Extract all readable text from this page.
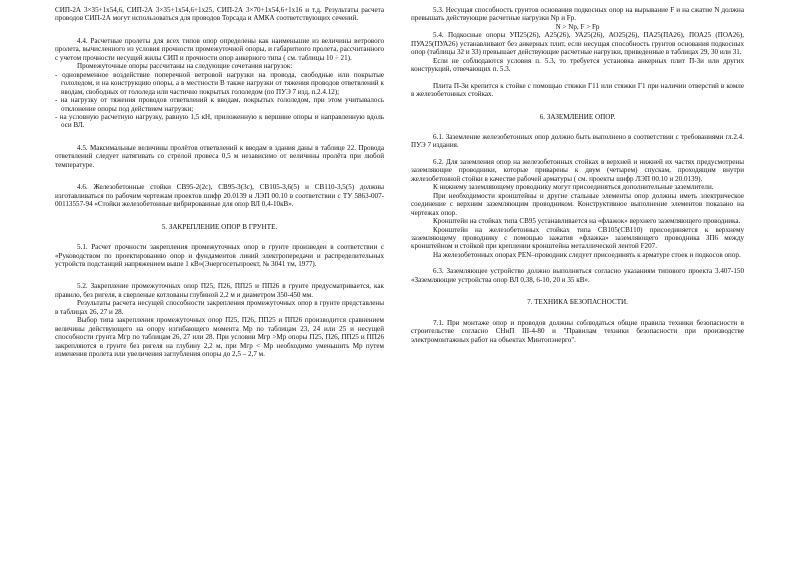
СИП-2А 3×35+1х54,6, СИП-2А 3×35+1х54,6+1х25, СИП-2А 3×70+1х54,6+1х16 и т.д. Результаты расчета проводов СИП-2А могут использоваться для проводов Торсада и АМКА соответствующих сечений.

4.4. Расчетные пролеты для всех типов опор определены как наименьшие из величины ветрового пролета, вычисленного из условия прочности промежуточной опоры, и габаритного пролета, рассчитанного с учетом прочности несущей жилы СИП и прочности опор анкерного типа ( см. таблицы 10 ÷ 21).

Промежуточные опоры рассчитаны на следующие сочетания нагрузок:

- одновременное воздействие поперечной ветровой нагрузки на провода, свободные или покрытые гололедом, и на конструкцию опоры, а в местности В также нагрузки от тяжения проводов ответвлений к вводам, свободных от гололеда или частично покрытых гололедом (по ПУЭ 7 изд, п.2.4.12);

- на нагрузку от тяжения проводов ответвлений к вводам, покрытых гололедом, при этом учитывалось отклонение опоры под действием нагрузки;

- на условную расчетную нагрузку, равную 1,5 кН, приложенную к вершине опоры и направленную вдоль оси ВЛ.

4.5. Максимальные величины пролётов ответвлений к вводам в здания даны в таблице 22. Провода ответвлений следует натягивать со стрелой провеса 0,5 м независимо от величины пролёта при любой температуре.

4.6. Железобетонные стойки СВ95-2(2с), СВ95-3(3с), СВ105-3,6(5) и СВ110-3,5(5) должны изготавливаться по рабочим чертежам проектов шифр 20.0139 и ЛЭП 00.10 в соответствии с ТУ 5863-007-00113557-94 «Стойки железобетонные вибрированные для опор ВЛ 0,4-10кВ».

5. ЗАКРЕПЛЕНИЕ ОПОР В ГРУНТЕ.

5.1. Расчет прочности закрепления промежуточных опор в грунте произведен в соответствии с «Руководством по проектированию опор и фундаментов линий электропередачи и распределительных устройств подстанций напряжением выше 1 кВ»(Энергосетьпроект, № 3041 тм, 1977).

5.2. Закрепление промежуточных опор П25, П26, ПП25 и ПП26 в грунте предусматривается, как правило, без ригеля, в сверленые котлованы глубиной 2,2 м и диаметром 350-450 мм.

Результаты расчета несущей способности закрепления промежуточных опор в грунте представлены в таблицах 26, 27 и 28.

Выбор типа закрепления промежуточных опор П25, П26, ПП25 и ПП26 производится сравнением величины действующего на опору изгибающего момента Мр по таблицам 23, 24 или 25 и несущей способности грунта Мгр по таблицам 26, 27 или 28. При условии Мгр >Мр опоры П25, П26, ПП25 и ПП26 закрепляются в грунте без ригеля на глубину 2,2 м, при Мгр < Мр необходимо уменьшить Мр путем изменения пролета или увеличения заглубления опоры до 2,5 – 2,7 м.

5.3. Несущая способность грунтов основания подкосных опор на вырывание F и на сжатие N должна превышать действующие расчетные нагрузки Np и Fp.

N > Np, F > Fp

5.4. Подкосные опоры УП25(26), А25(26), УА25(26), АО25(26), ПА25(ПА26), ПОА25 (ПОА26), ПУА25(ПУА26) устанавливают без анкерных плит, если несущая способность грунтов основания подкосных опор (таблицы 32 и 33) превышает действующие расчетные нагрузки, приведенные в таблицах 29, 30 или 31.

Если не соблюдаются условия п. 5.3, то требуется установка анкерных плит П-3и или других конструкций, отвечающих п. 5.3.

Плита П-3и крепится к стойке с помощью стяжки Г11 или стяжки Г1 при наличии отверстий в комле в железобетонных стойках.

6. ЗАЗЕМЛЕНИЕ ОПОР.

6.1. Заземление железобетонных опор должно быть выполнено в соответствии с требованиями гл.2.4. ПУЭ 7 издания.

6.2. Для заземления опор на железобетонных стойках в верхней и нижней их частях предусмотрены заземляющие проводники, которые приварены к двум (четырем) спускам, проходящим внутри железобетонной стойки в качестве рабочей арматуры ( см. проекты шифр ЛЭП 00.10 и 20.0139).

К нижнему заземляющему проводнику могут присоединяться дополнительные заземлители.

При необходимости кронштейны и другие стальные элементы опор должны иметь электрическое соединение с верхним заземляющим проводником. Конструктивное выполнение элементов показано на чертежах опор.

Кронштейн на стойках типа СВ95 устанавливается на «флажок» верхнего заземляющего проводника.

Кронштейн на железобетонных стойках типа СВ105(СВ110) присоединяется к верхнему заземляющему проводнику с помощью зажатия «флажка» заземляющего проводника ЗП6 между кронштейном и стойкой при креплении кронштейна металлической лентой F207.

На железобетонных опорах PEN–проводник следует присоединять к арматуре стоек и подкосов опор.

6.3. Заземляющее устройство должно выполняться согласно указаниям типового проекта 3.407-150 «Заземляющие устройства опор ВЛ 0,38, 6-10, 20 и 35 кВ».

7. ТЕХНИКА БЕЗОПАСНОСТИ.

7.1. При монтаже опор и проводов должны соблюдаться общие правила техники безопасности в строительстве согласно СНиП III-4-80 и "Правилам техники безопасности при производстве электромонтажных работ на объектах Минтопэнерго".
